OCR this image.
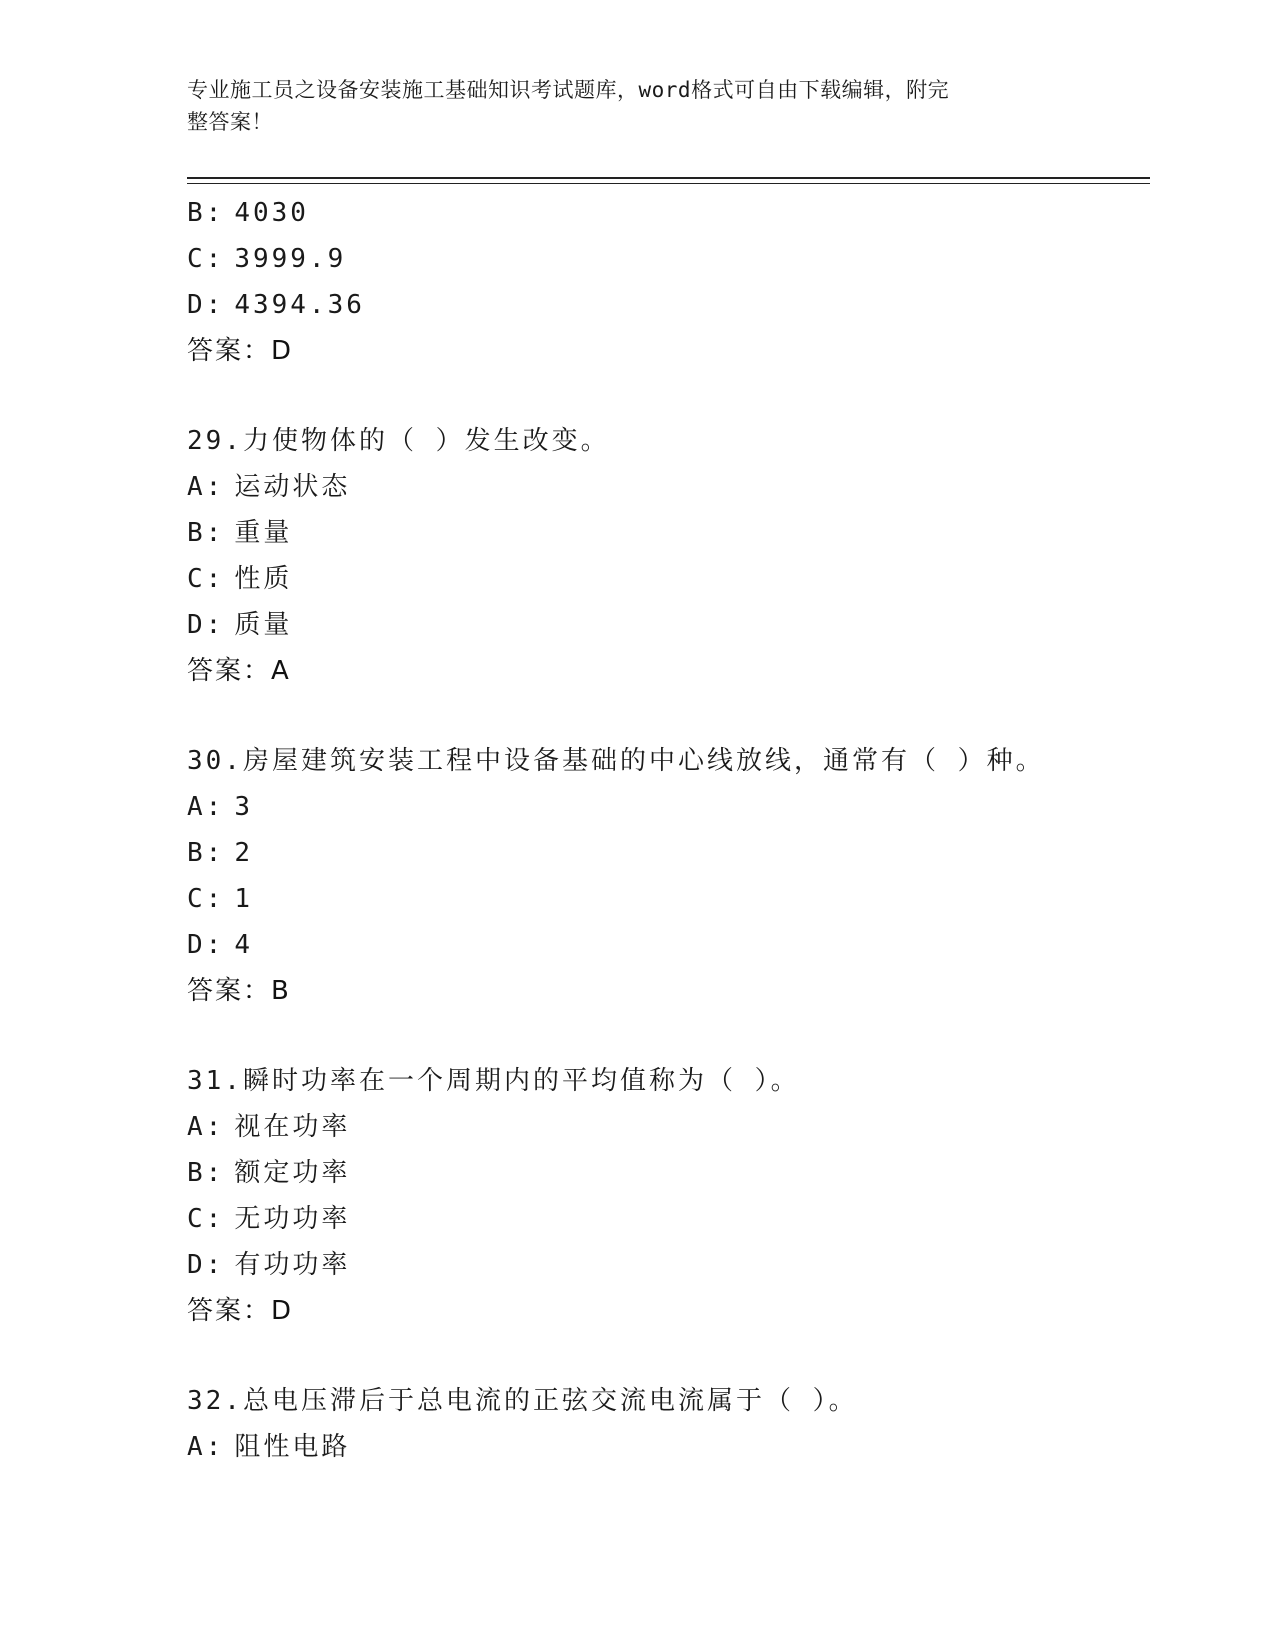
专业施工员之设备安装施工基础知识考试题库，word格式可自由下载编辑，附完
整答案！
B: 4030
C: 3999.9
D: 4394.36
答案：D
29.力使物体的（ ）发生改变。
A: 运动状态
B: 重量
C: 性质
D: 质量
答案：A
30.房屋建筑安装工程中设备基础的中心线放线，通常有（ ）种。
A: 3
B: 2
C: 1
D: 4
答案：B
31.瞬时功率在一个周期内的平均值称为（ ）。
A: 视在功率
B: 额定功率
C: 无功功率
D: 有功功率
答案：D
32.总电压滞后于总电流的正弦交流电流属于（ ）。
A: 阻性电路
